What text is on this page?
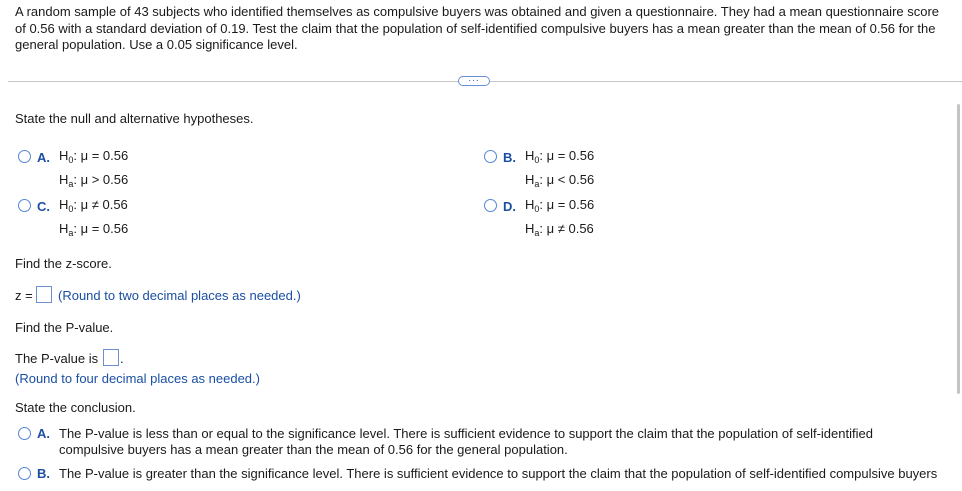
A random sample of 43 subjects who identified themselves as compulsive buyers was obtained and given a questionnaire. They had a mean questionnaire score of 0.56 with a standard deviation of 0.19. Test the claim that the population of self-identified compulsive buyers has a mean greater than the mean of 0.56 for the general population. Use a 0.05 significance level.
...
State the null and alternative hypotheses.
A. $H_0$: μ = 0.56
$H_a$: μ > 0.56
B. $H_0$: μ = 0.56
$H_a$: μ < 0.56
C. $H_0$: μ ≠ 0.56
$H_a$: μ = 0.56
D. $H_0$: μ = 0.56
$H_a$: μ ≠ 0.56
Find the z-score.
z = (Round to two decimal places as needed.)
Find the P-value.
The P-value is .
(Round to four decimal places as needed.)
State the conclusion.
A. The P-value is less than or equal to the significance level. There is sufficient evidence to support the claim that the population of self-identified compulsive buyers has a mean greater than the mean of 0.56 for the general population.
B. The P-value is greater than the significance level. There is sufficient evidence to support the claim that the population of self-identified compulsive buyers
